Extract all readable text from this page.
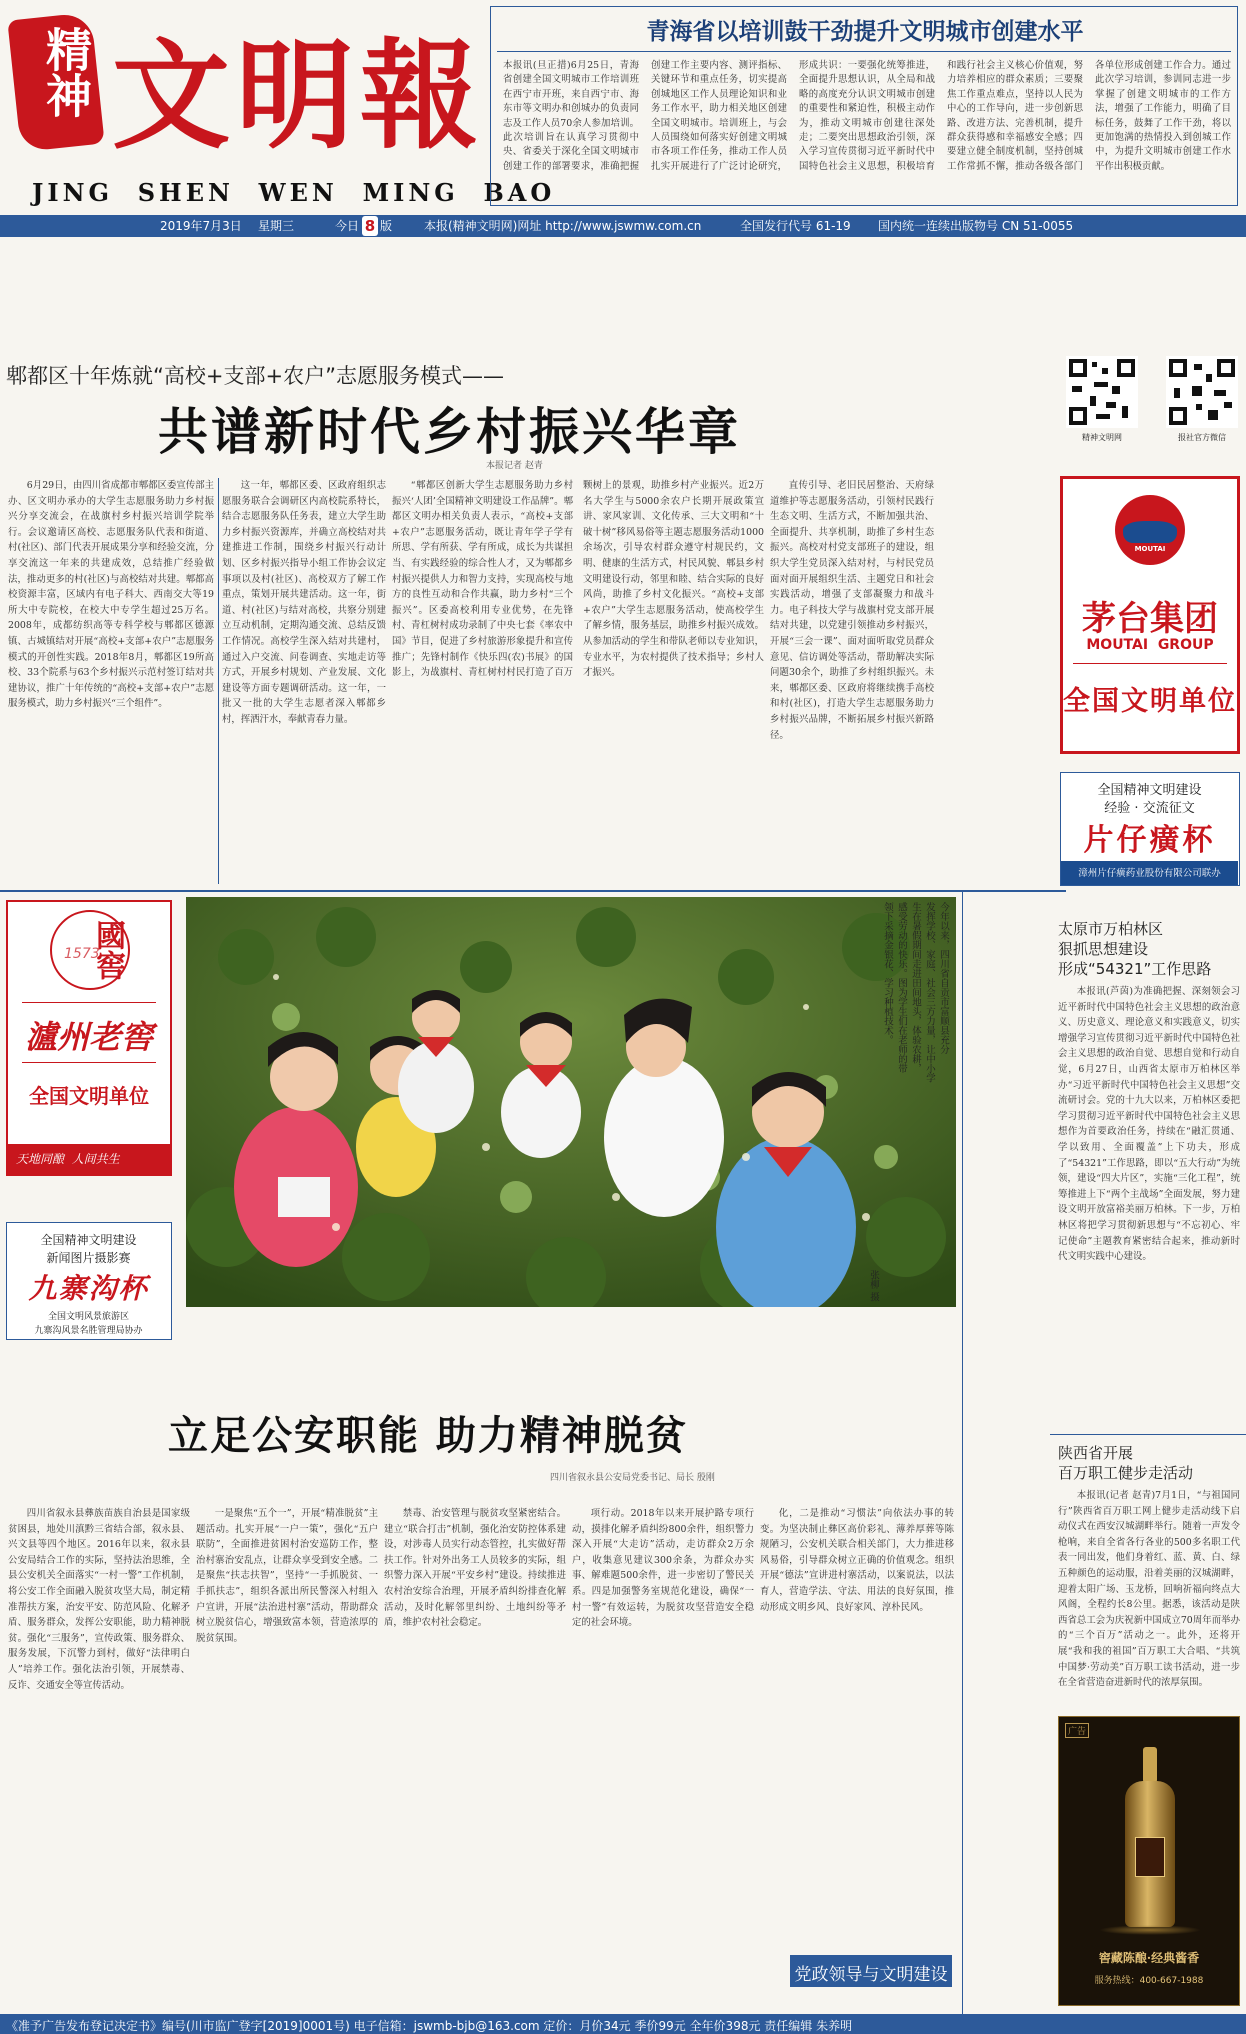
精神 文明報
JING  SHEN  WEN  MING  BAO
青海省以培训鼓干劲提升文明城市创建水平
本报讯(旦正措)6月25日，青海省创建全国文明城市工作培训班在西宁市开班，来自西宁市、海东市等文明办和创城办的负责同志及工作人员70余人参加培训。此次培训旨在认真学习贯彻中央、省委关于深化全国文明城市创建工作的部署要求，准确把握创建工作主要内容、测评指标、关键环节和重点任务，切实提高创城地区工作人员理论知识和业务工作水平，助力相关地区创建全国文明城市。培训班上，与会人员围绕如何落实好创建文明城市各项工作任务，推动工作人员扎实开展进行了广泛讨论研究，形成共识：一要强化统筹推进，全面提升思想认识，从全局和战略的高度充分认识文明城市创建的重要性和紧迫性，积极主动作为，推动文明城市创建往深处走；二要突出思想政治引领，深入学习宣传贯彻习近平新时代中国特色社会主义思想，积极培育和践行社会主义核心价值观，努力培养相应的群众素质；三要聚焦工作重点难点，坚持以人民为中心的工作导向，进一步创新思路、改进方法、完善机制，提升群众获得感和幸福感安全感；四要建立健全制度机制，坚持创城工作常抓不懈，推动各级各部门各单位形成创建工作合力。通过此次学习培训，参训同志进一步掌握了创建文明城市的工作方法，增强了工作能力，明确了目标任务，鼓舞了工作干劲，将以更加饱满的热情投入到创城工作中，为提升文明城市创建工作水平作出积极贡献。
2019年7月3日 星期三	今日 8 版	本报(精神文明网)网址 http://www.jswmw.com.cn	全国发行代号 61-19 国内统一连续出版物号 CN 51-0055
郫都区十年炼就“高校+支部+农户”志愿服务模式——
共谱新时代乡村振兴华章
本报记者 赵青
6月29日，由四川省成都市郫都区委宣传部主办、区文明办承办的大学生志愿服务助力乡村振兴分享交流会，在战旗村乡村振兴培训学院举行。会议邀请区高校、志愿服务队代表和街道、村(社区)、部门代表开展成果分享和经验交流，分享交流这一年来的共建成效，总结推广经验做法，推动更多的村(社区)与高校结对共建。郫都高校资源丰富，区域内有电子科大、西南交大等19所大中专院校，在校大中专学生超过25万名。2008年，成都纺织高等专科学校与郫都区德源镇、古城镇结对开展“高校+支部+农户”志愿服务模式的开创性实践。2018年8月，郫都区19所高校、33个院系与63个乡村振兴示范村签订结对共建协议，推广十年传统的“高校+支部+农户”志愿服务模式，助力乡村振兴“三个组件”。
这一年，郫都区委、区政府组织志愿服务联合会调研区内高校院系特长，结合志愿服务队任务表，建立大学生助力乡村振兴资源库，并确立高校结对共建推进工作制，围绕乡村振兴行动计划、区乡村振兴指导小组工作协会议定事项以及村(社区)、高校双方了解工作重点，策划开展共建活动。这一年，街道、村(社区)与结对高校，共察分别建立互动机制，定期沟通交流、总结反馈工作情况。高校学生深入结对共建村，通过入户交流、问卷调查、实地走访等方式，开展乡村规划、产业发展、文化建设等方面专题调研活动。这一年，一批又一批的大学生志愿者深入郫都乡村，挥洒汗水，奉献青春力量。
“郫都区创新大学生志愿服务助力乡村振兴‘人团’全国精神文明建设工作品牌”。郫都区文明办相关负责人表示，“高校+支部+农户”志愿服务活动，既让青年学子学有所思、学有所获、学有所成，成长为共谋担当、有实践经验的综合性人才，又为郫都乡村振兴提供人力和智力支持，实现高校与地方的良性互动和合作共赢，助力乡村“三个振兴”。区委高校利用专业优势，在先锋村、青杠树村成功录制了中央七套《率农中国》节目，促进了乡村旅游形象提升和宣传推广；先锋村制作《快乐四(农)书展》的国影上，为战旗村、青杠树村村民打造了百万颗树上的景观，助推乡村产业振兴。近2万名大学生与5000余农户长期开展政策宣讲、家风家训、文化传承、三大文明和“十破十树”移风易俗等主题志愿服务活动1000余场次，引导农村群众遵守村规民约，文明、健康的生活方式，村民风貌、郫县乡村文明建设行动，邻里和睦、结合实际的良好风尚，助推了乡村文化振兴。“高校+支部+农户”大学生志愿服务活动，使高校学生了解乡情，服务基层，助推乡村振兴成效。从参加活动的学生和带队老师以专业知识，专业水平，为农村提供了技术指导；乡村人才振兴。
直传引导、老旧民居整治、天府绿道维护等志愿服务活动，引领村民践行生态文明、生活方式，不断加强共治、全面提升、共享机制，助推了乡村生态振兴。高校对村党支部班子的建设，组织大学生党员深入结对村，与村民党员面对面开展组织生活、主题党日和社会实践活动，增强了支部凝聚力和战斗力。电子科技大学与战旗村党支部开展结对共建，以党建引领推动乡村振兴，开展“三会一课”、面对面听取党员群众意见、信访调处等活动，帮助解决实际问题30余个，助推了乡村组织振兴。未来，郫都区委、区政府将继续携手高校和村(社区)，打造大学生志愿服务助力乡村振兴品牌，不断拓展乡村振兴新路径。
精神文明网	报社官方微信
MOUTAI
茅台集团
MOUTAI  GROUP
全国文明单位
全国精神文明建设
经验 · 交流征文
片仔癀杯
漳州片仔癀药业股份有限公司联办
國窖
1573
瀘州老窖
全国文明单位
天地同酿  人间共生
全国精神文明建设
新闻图片摄影赛
九寨沟杯
全国文明风景旅游区
九寨沟风景名胜管理局协办
今年以来，四川省自贡市富顺县充分
发挥学校、家庭、社会三方力量，让中小学
生在暑假期间走进田间地头，体验农耕，
感受劳动的快乐。图为学生们在老师的带
领下采摘金银花、学习种植技术。
张柳 摄
太原市万柏林区
狠抓思想建设
形成“54321”工作思路
本报讯(芦茵)为准确把握、深刻领会习近平新时代中国特色社会主义思想的政治意义、历史意义、理论意义和实践意义，切实增强学习宣传贯彻习近平新时代中国特色社会主义思想的政治自觉、思想自觉和行动自觉，6月27日，山西省太原市万柏林区举办“习近平新时代中国特色社会主义思想”交流研讨会。党的十九大以来，万柏林区委把学习贯彻习近平新时代中国特色社会主义思想作为首要政治任务，持续在“融汇贯通、学以致用、全面覆盖”上下功夫，形成了“54321”工作思路，即以“五大行动”为统领，建设“四大片区”，实施“三化工程”，统筹推进上下“两个主战场”全面发展，努力建设文明开放富裕美丽万柏林。下一步，万柏林区将把学习贯彻新思想与“不忘初心、牢记使命”主题教育紧密结合起来，推动新时代文明实践中心建设。
陕西省开展
百万职工健步走活动
本报讯(记者 赵青)7月1日，“与祖国同行”陕西省百万职工网上健步走活动线下启动仪式在西安汉城湖畔举行。随着一声发令枪响，来自全省各行各业的500多名职工代表一同出发，他们身着红、蓝、黄、白、绿五种颜色的运动服，沿着美丽的汉城湖畔，迎着太阳广场、玉龙桥，回响祈福向终点大风阁，全程约长8公里。据悉，该活动是陕西省总工会为庆祝新中国成立70周年而举办的“三个百万”活动之一。此外，还将开展“我和我的祖国”百万职工大合唱、“共筑中国梦·劳动美”百万职工读书活动，进一步在全省营造奋进新时代的浓厚氛围。
广告
窖藏陈酿·经典酱香
服务热线：400-667-1988
立足公安职能 助力精神脱贫
四川省叙永县公安局党委书记、局长 殷刚
四川省叙永县彝族苗族自治县是国家级贫困县，地处川滇黔三省结合部，叙永县、兴文县等四个地区。2016年以来，叙永县公安局结合工作的实际，坚持法治思维，全县公安机关全面落实“一村一警”工作机制，将公安工作全面融入脱贫攻坚大局，制定精准帮扶方案，治安平安、防范风险、化解矛盾、服务群众，发挥公安职能，助力精神脱贫。强化“三服务”，宣传政策、服务群众、服务发展，下沉警力到村，做好“法律明白人”培养工作。强化法治引领，开展禁毒、反诈、交通安全等宣传活动。
一是聚焦“五个一”，开展“精准脱贫”主题活动。扎实开展“一户一策”，强化“五户联防”，全面推进贫困村治安巡防工作，整治村寨治安乱点，让群众享受到安全感。二是聚焦“扶志扶智”，坚持“一手抓脱贫、一手抓扶志”，组织各派出所民警深入村组入户宣讲，开展“法治进村寨”活动，帮助群众树立脱贫信心，增强致富本领，营造浓厚的脱贫氛围。
禁毒、治安管理与脱贫攻坚紧密结合。建立“联合打击”机制，强化治安防控体系建设，对涉毒人员实行动态管控，扎实做好帮扶工作。针对外出务工人员较多的实际，组织警力深入开展“平安乡村”建设。持续推进农村治安综合治理，开展矛盾纠纷排查化解活动，及时化解邻里纠纷、土地纠纷等矛盾，维护农村社会稳定。
项行动。2018年以来开展护路专项行动，摸排化解矛盾纠纷800余件，组织警力深入开展“大走访”活动，走访群众2万余户，收集意见建议300余条，为群众办实事、解难题500余件，进一步密切了警民关系。四是加强警务室规范化建设，确保“一村一警”有效运转，为脱贫攻坚营造安全稳定的社会环境。
化，二是推动“习惯法”向依法办事的转变。为坚决制止彝区高价彩礼、薄养厚葬等陈规陋习，公安机关联合相关部门，大力推进移风易俗，引导群众树立正确的价值观念。组织开展“德法”宣讲进村寨活动，以案说法，以法育人，营造学法、守法、用法的良好氛围，推动形成文明乡风、良好家风、淳朴民风。
党政领导与文明建设
《准予广告发布登记决定书》编号(川市监广登字[2019]0001号) 电子信箱：jswmb-bjb@163.com 定价：月价34元 季价99元 全年价398元 责任编辑 朱养明
